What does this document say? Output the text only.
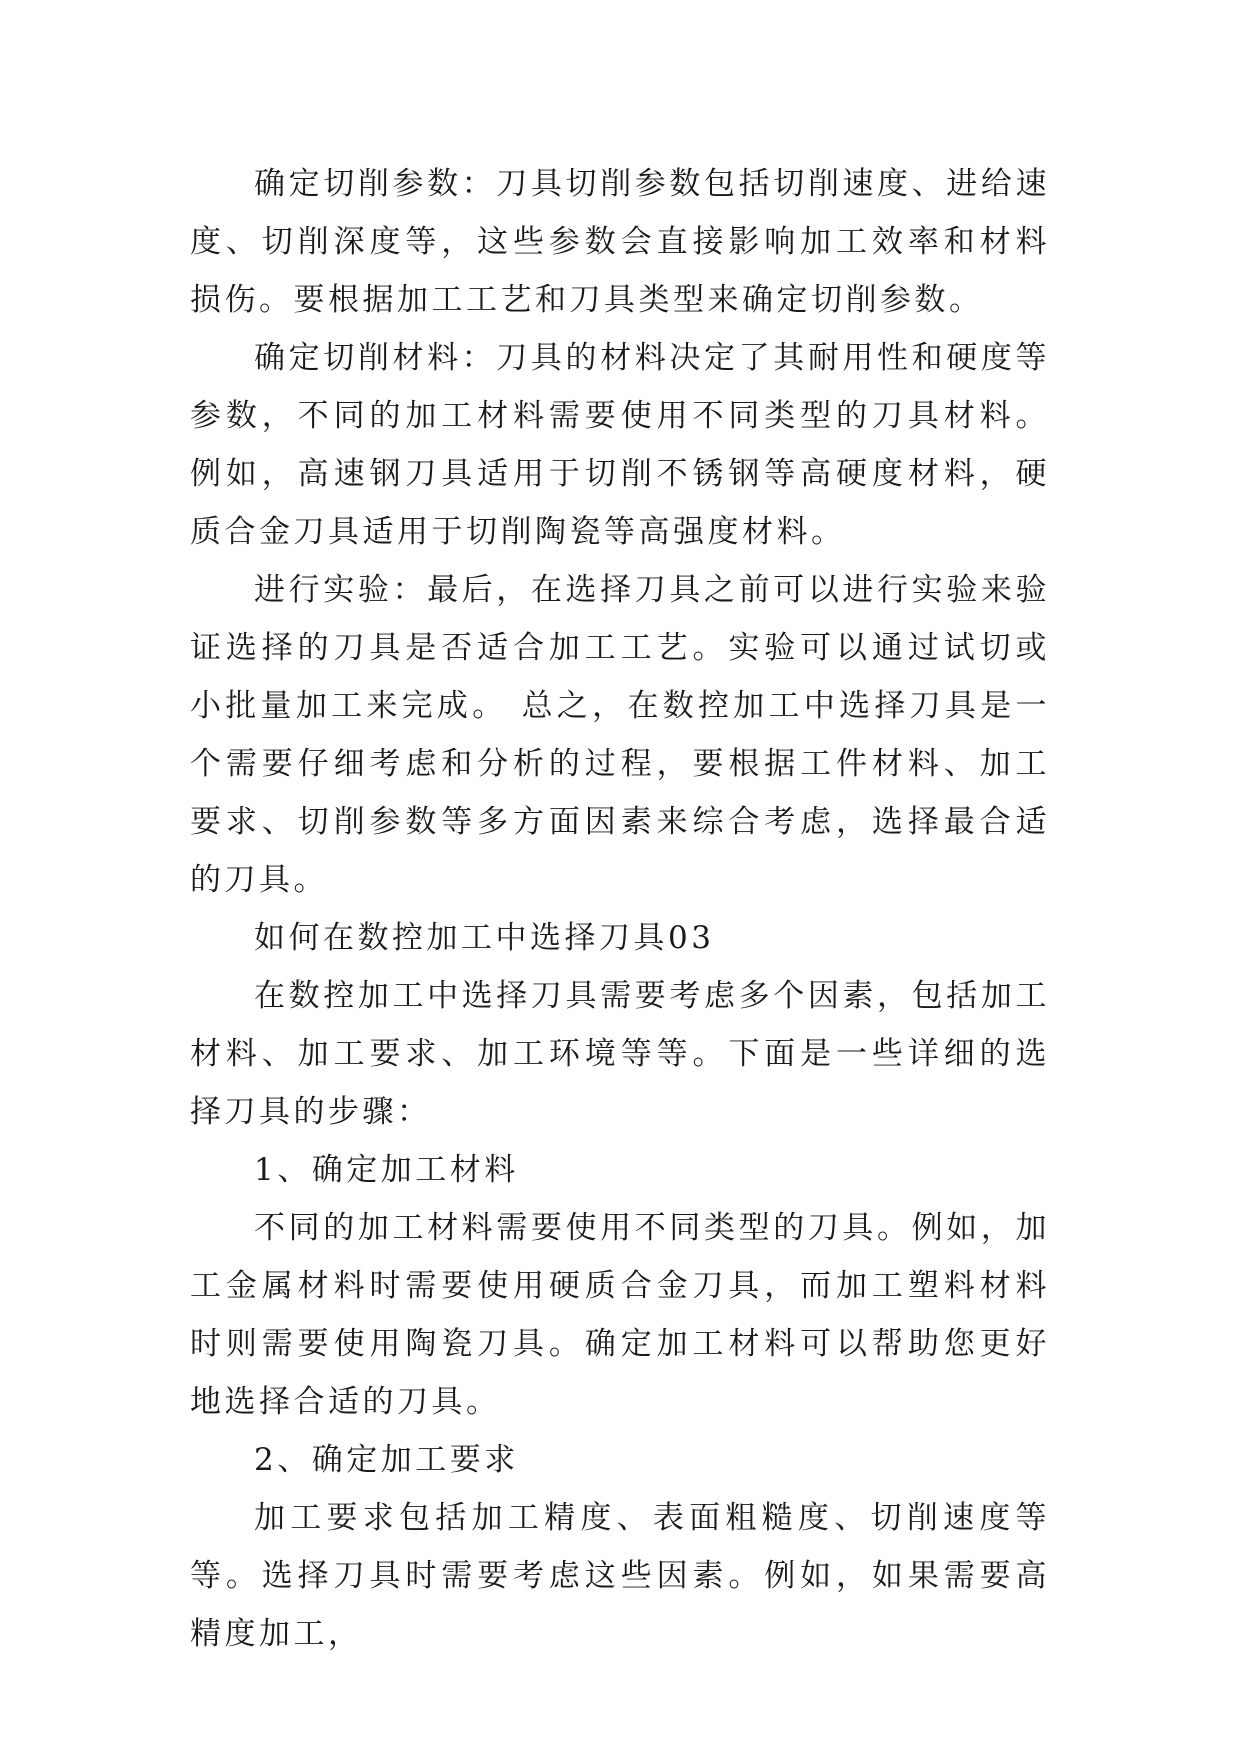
确定切削参数：刀具切削参数包括切削速度、进给速度、切削深度等，这些参数会直接影响加工效率和材料损伤。要根据加工工艺和刀具类型来确定切削参数。

确定切削材料：刀具的材料决定了其耐用性和硬度等参数，不同的加工材料需要使用不同类型的刀具材料。例如，高速钢刀具适用于切削不锈钢等高硬度材料，硬质合金刀具适用于切削陶瓷等高强度材料。

进行实验：最后，在选择刀具之前可以进行实验来验证选择的刀具是否适合加工工艺。实验可以通过试切或小批量加工来完成。 总之，在数控加工中选择刀具是一个需要仔细考虑和分析的过程，要根据工件材料、加工要求、切削参数等多方面因素来综合考虑，选择最合适的刀具。

如何在数控加工中选择刀具03

在数控加工中选择刀具需要考虑多个因素，包括加工材料、加工要求、加工环境等等。下面是一些详细的选择刀具的步骤：

1、确定加工材料

不同的加工材料需要使用不同类型的刀具。例如，加工金属材料时需要使用硬质合金刀具，而加工塑料材料时则需要使用陶瓷刀具。确定加工材料可以帮助您更好地选择合适的刀具。

2、确定加工要求

加工要求包括加工精度、表面粗糙度、切削速度等等。选择刀具时需要考虑这些因素。例如，如果需要高精度加工，
